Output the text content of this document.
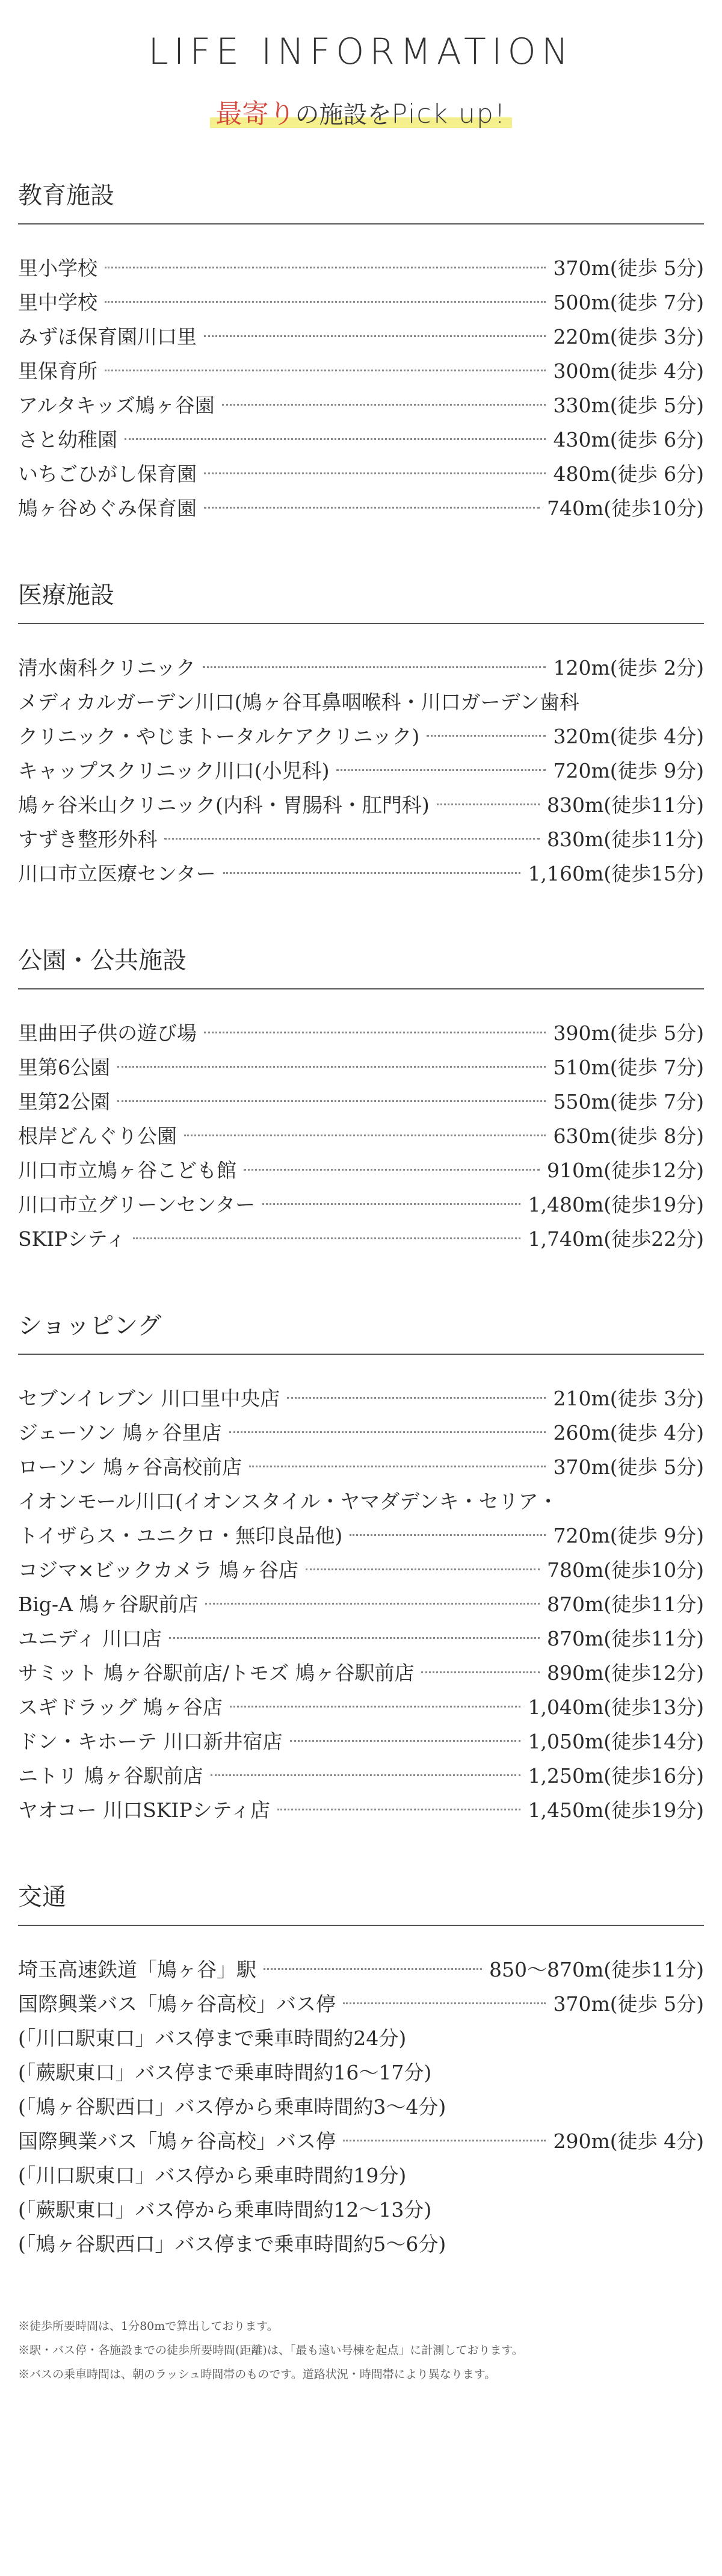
LIFE INFORMATION
最寄りの施設をPick up!
教育施設
里小学校	370m(徒歩 5分)
里中学校	500m(徒歩 7分)
みずほ保育園川口里	220m(徒歩 3分)
里保育所	300m(徒歩 4分)
アルタキッズ鳩ヶ谷園	330m(徒歩 5分)
さと幼稚園	430m(徒歩 6分)
いちごひがし保育園	480m(徒歩 6分)
鳩ヶ谷めぐみ保育園	740m(徒歩10分)
医療施設
清水歯科クリニック	120m(徒歩 2分)
メディカルガーデン川口(鳩ヶ谷耳鼻咽喉科・川口ガーデン歯科
クリニック・やじまトータルケアクリニック)	320m(徒歩 4分)
キャップスクリニック川口(小児科)	720m(徒歩 9分)
鳩ヶ谷米山クリニック(内科・胃腸科・肛門科)	830m(徒歩11分)
すずき整形外科	830m(徒歩11分)
川口市立医療センター	1,160m(徒歩15分)
公園・公共施設
里曲田子供の遊び場	390m(徒歩 5分)
里第6公園	510m(徒歩 7分)
里第2公園	550m(徒歩 7分)
根岸どんぐり公園	630m(徒歩 8分)
川口市立鳩ヶ谷こども館	910m(徒歩12分)
川口市立グリーンセンター	1,480m(徒歩19分)
SKIPシティ	1,740m(徒歩22分)
ショッピング
セブンイレブン 川口里中央店	210m(徒歩 3分)
ジェーソン 鳩ヶ谷里店	260m(徒歩 4分)
ローソン 鳩ヶ谷高校前店	370m(徒歩 5分)
イオンモール川口(イオンスタイル・ヤマダデンキ・セリア・
トイザらス・ユニクロ・無印良品他)	720m(徒歩 9分)
コジマ×ビックカメラ 鳩ヶ谷店	780m(徒歩10分)
Big-A 鳩ヶ谷駅前店	870m(徒歩11分)
ユニディ 川口店	870m(徒歩11分)
サミット 鳩ヶ谷駅前店/トモズ 鳩ヶ谷駅前店	890m(徒歩12分)
スギドラッグ 鳩ヶ谷店	1,040m(徒歩13分)
ドン・キホーテ 川口新井宿店	1,050m(徒歩14分)
ニトリ 鳩ヶ谷駅前店	1,250m(徒歩16分)
ヤオコー 川口SKIPシティ店	1,450m(徒歩19分)
交通
埼玉高速鉄道「鳩ヶ谷」駅	850〜870m(徒歩11分)
国際興業バス「鳩ヶ谷高校」バス停	370m(徒歩 5分)
(「川口駅東口」バス停まで乗車時間約24分)
(「蕨駅東口」バス停まで乗車時間約16〜17分)
(「鳩ヶ谷駅西口」バス停から乗車時間約3〜4分)
国際興業バス「鳩ヶ谷高校」バス停	290m(徒歩 4分)
(「川口駅東口」バス停から乗車時間約19分)
(「蕨駅東口」バス停から乗車時間約12〜13分)
(「鳩ヶ谷駅西口」バス停まで乗車時間約5〜6分)
※徒歩所要時間は、1分80mで算出しております。
※駅・バス停・各施設までの徒歩所要時間(距離)は、「最も遠い号棟を起点」に計測しております。
※バスの乗車時間は、朝のラッシュ時間帯のものです。道路状況・時間帯により異なります。
